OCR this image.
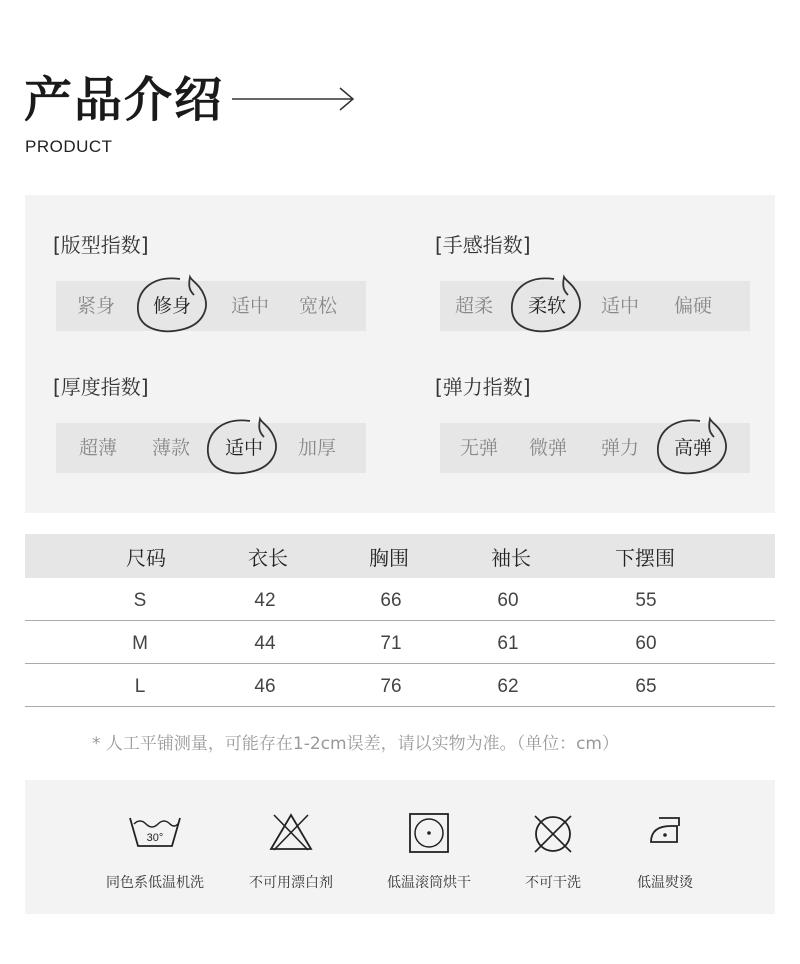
产品介绍
PRODUCT
[版型指数]
紧身 修身 适中 宽松
[手感指数]
超柔 柔软 适中 偏硬
[厚度指数]
超薄 薄款 适中 加厚
[弹力指数]
无弹 微弹 弹力 高弹
尺码	衣长	胸围	袖长	下摆围
S	42	66	60	55
M	44	71	61	60
L	46	76	62	65
* 人工平铺测量，可能存在1-2cm误差，请以实物为准。（单位：cm）
30°
同色系低温机洗	不可用漂白剂	低温滚筒烘干	不可干洗	低温熨烫
